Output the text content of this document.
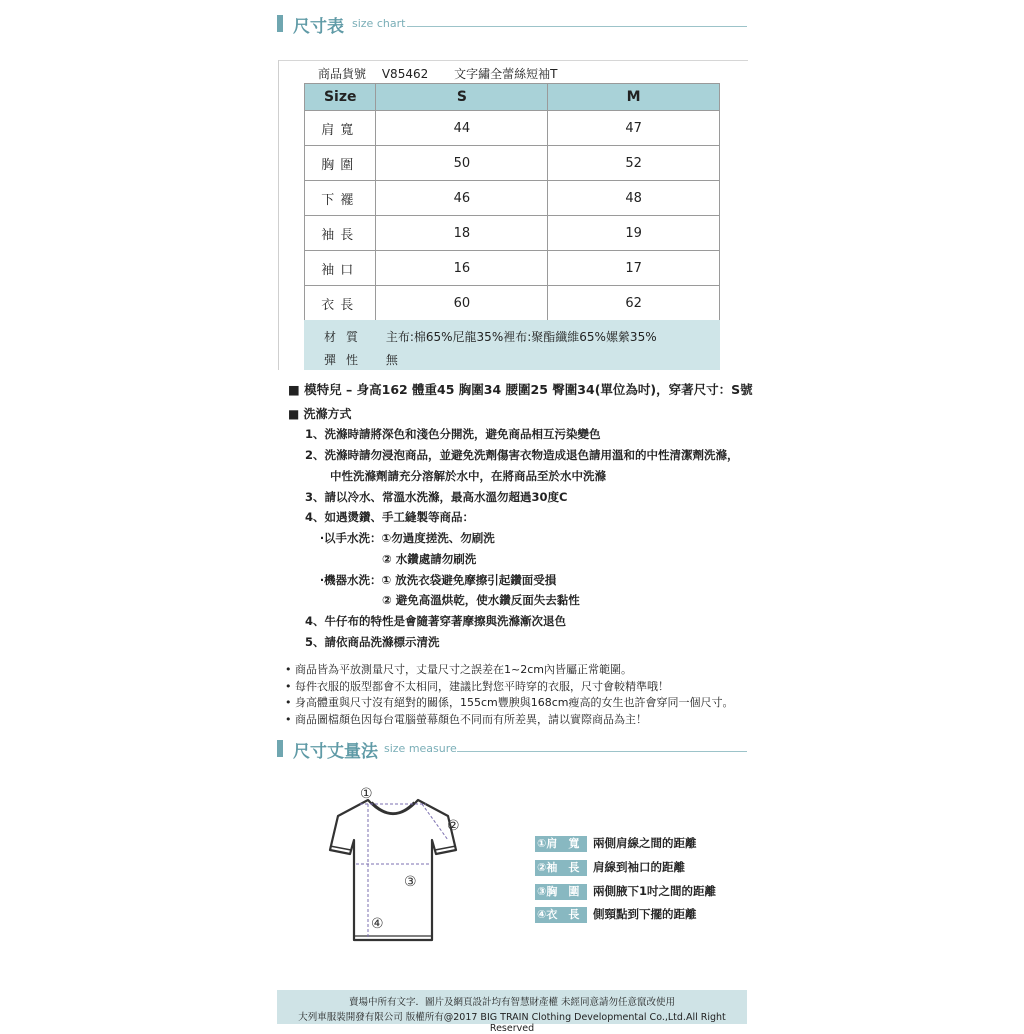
尺寸表 size chart
商品貨號 V85462 文字繡全蕾絲短袖T
Size	S	M
肩寬	44	47
胸圍	50	52
下襬	46	48
袖長	18	19
袖口	16	17
衣長	60	62
材質 主布:棉65%尼龍35%裡布:聚酯纖維65%嫘縈35%
彈性 無
■ 模特兒 – 身高162 體重45 胸圍34 腰圍25 臀圍34(單位為吋)，穿著尺寸：S號
■ 洗滌方式
1、洗滌時請將深色和淺色分開洗，避免商品相互污染變色
2、洗滌時請勿浸泡商品，並避免洗劑傷害衣物造成退色請用溫和的中性清潔劑洗滌，
中性洗滌劑請充分溶解於水中，在將商品至於水中洗滌
3、請以冷水、常溫水洗滌，最高水溫勿超過30度C
4、如遇燙鑽、手工縫製等商品：
‧以手水洗：①勿過度搓洗、勿刷洗
② 水鑽處請勿刷洗
‧機器水洗：① 放洗衣袋避免摩擦引起鑽面受損
② 避免高溫烘乾，使水鑽反面失去黏性
4、牛仔布的特性是會隨著穿著摩擦與洗滌漸次退色
5、請依商品洗滌標示清洗
• 商品皆為平放測量尺寸，丈量尺寸之誤差在1~2cm內皆屬正常範圍。
• 每件衣服的版型都會不太相同，建議比對您平時穿的衣服，尺寸會較精準哦！
• 身高體重與尺寸沒有絕對的關係，155cm豐腴與168cm瘦高的女生也許會穿同一個尺寸。
• 商品圖檔顏色因每台電腦螢幕顏色不同而有所差異，請以實際商品為主！
尺寸丈量法 size measure
①
②
③
④
①肩　寬 兩側肩線之間的距離
②袖　長 肩線到袖口的距離
③胸　圍 兩側腋下1吋之間的距離
④衣　長 側頸點到下擺的距離
賣場中所有文字．圖片及網頁設計均有智慧財產權 未經同意請勿任意竄改使用
大列車服裝開發有限公司 版權所有@2017 BIG TRAIN Clothing Developmental Co.,Ltd.All Right Reserved
